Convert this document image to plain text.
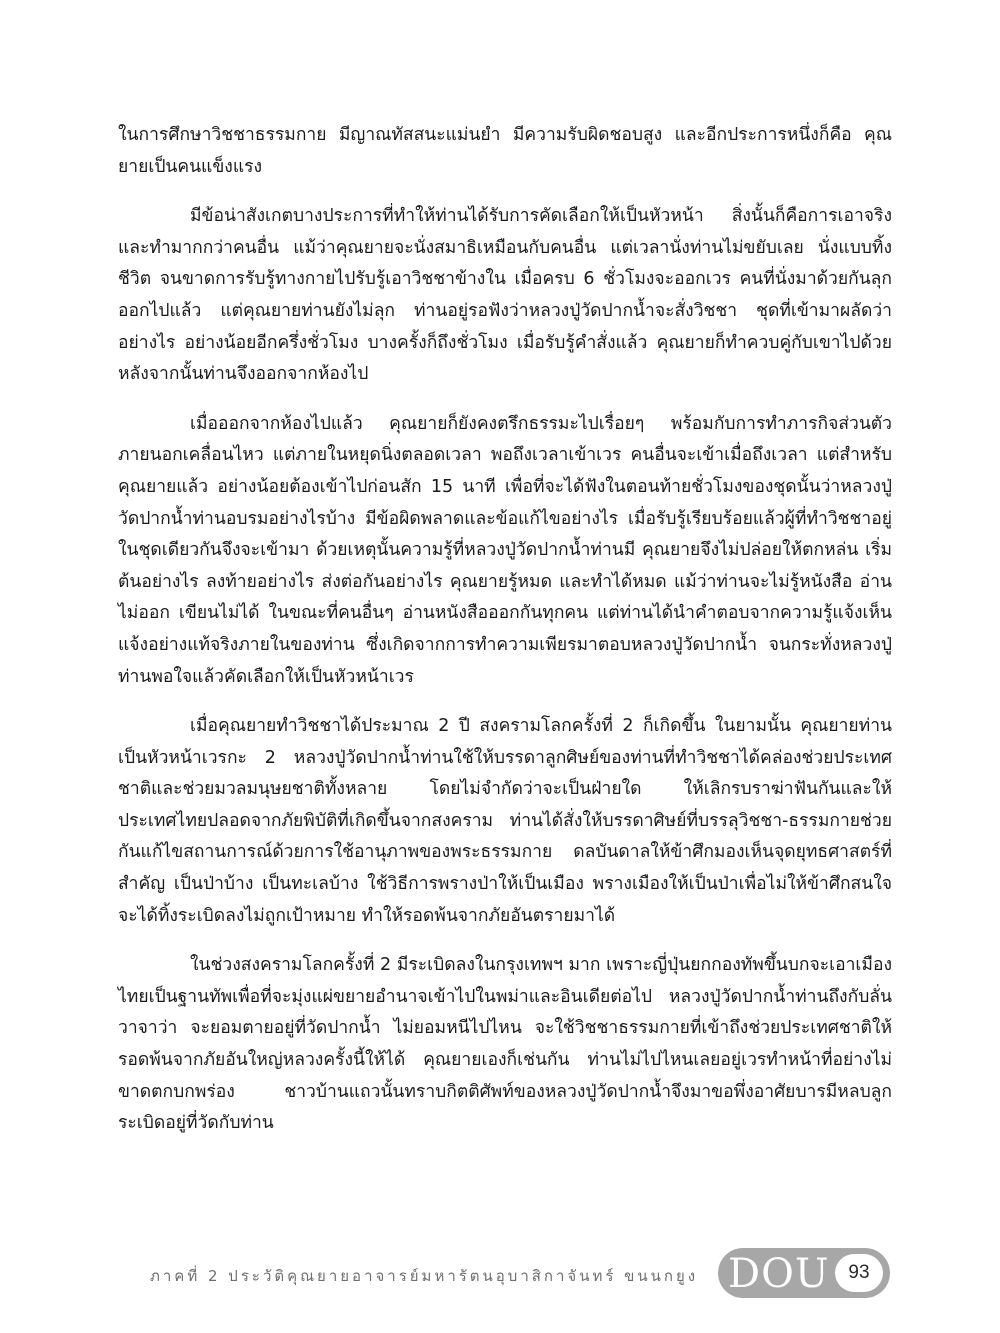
ในการศึกษาวิชชาธรรมกาย มีญาณทัสสนะแม่นยำ มีความรับผิดชอบสูง และอีกประการหนึ่งก็คือ คุณยายเป็นคนแข็งแรง

มีข้อน่าสังเกตบางประการที่ทำให้ท่านได้รับการคัดเลือกให้เป็นหัวหน้า สิ่งนั้นก็คือการเอาจริงและทำมากกว่าคนอื่น แม้ว่าคุณยายจะนั่งสมาธิเหมือนกับคนอื่น แต่เวลานั่งท่านไม่ขยับเลย นั่งแบบทิ้งชีวิต จนขาดการรับรู้ทางกายไปรับรู้เอาวิชชาข้างใน เมื่อครบ 6 ชั่วโมงจะออกเวร คนที่นั่งมาด้วยกันลุกออกไปแล้ว แต่คุณยายท่านยังไม่ลุก ท่านอยู่รอฟังว่าหลวงปู่วัดปากน้ำจะสั่งวิชชา ชุดที่เข้ามาผลัดว่าอย่างไร อย่างน้อยอีกครึ่งชั่วโมง บางครั้งก็ถึงชั่วโมง เมื่อรับรู้คำสั่งแล้ว คุณยายก็ทำควบคู่กับเขาไปด้วย หลังจากนั้นท่านจึงออกจากห้องไป

เมื่อออกจากห้องไปแล้ว คุณยายก็ยังคงตรึกธรรมะไปเรื่อยๆ พร้อมกับการทำภารกิจส่วนตัวภายนอกเคลื่อนไหว แต่ภายในหยุดนิ่งตลอดเวลา พอถึงเวลาเข้าเวร คนอื่นจะเข้าเมื่อถึงเวลา แต่สำหรับคุณยายแล้ว อย่างน้อยต้องเข้าไปก่อนสัก 15 นาที เพื่อที่จะได้ฟังในตอนท้ายชั่วโมงของชุดนั้นว่าหลวงปู่วัดปากน้ำท่านอบรมอย่างไรบ้าง มีข้อผิดพลาดและข้อแก้ไขอย่างไร เมื่อรับรู้เรียบร้อยแล้วผู้ที่ทำวิชชาอยู่ในชุดเดียวกันจึงจะเข้ามา ด้วยเหตุนั้นความรู้ที่หลวงปู่วัดปากน้ำท่านมี คุณยายจึงไม่ปล่อยให้ตกหล่น เริ่มต้นอย่างไร ลงท้ายอย่างไร ส่งต่อกันอย่างไร คุณยายรู้หมด และทำได้หมด แม้ว่าท่านจะไม่รู้หนังสือ อ่านไม่ออก เขียนไม่ได้ ในขณะที่คนอื่นๆ อ่านหนังสือออกกันทุกคน แต่ท่านได้นำคำตอบจากความรู้แจ้งเห็นแจ้งอย่างแท้จริงภายในของท่าน ซึ่งเกิดจากการทำความเพียรมาตอบหลวงปู่วัดปากน้ำ จนกระทั่งหลวงปู่ท่านพอใจแล้วคัดเลือกให้เป็นหัวหน้าเวร

เมื่อคุณยายทำวิชชาได้ประมาณ 2 ปี สงครามโลกครั้งที่ 2 ก็เกิดขึ้น ในยามนั้น คุณยายท่านเป็นหัวหน้าเวรกะ 2 หลวงปู่วัดปากน้ำท่านใช้ให้บรรดาลูกศิษย์ของท่านที่ทำวิชชาได้คล่องช่วยประเทศชาติและช่วยมวลมนุษยชาติทั้งหลาย โดยไม่จำกัดว่าจะเป็นฝ่ายใด ให้เลิกรบราฆ่าฟันกันและให้ประเทศไทยปลอดจากภัยพิบัติที่เกิดขึ้นจากสงคราม ท่านได้สั่งให้บรรดาศิษย์ที่บรรลุวิชชา-ธรรมกายช่วยกันแก้ไขสถานการณ์ด้วยการใช้อานุภาพของพระธรรมกาย ดลบันดาลให้ข้าศึกมองเห็นจุดยุทธศาสตร์ที่สำคัญ เป็นป่าบ้าง เป็นทะเลบ้าง ใช้วิธีการพรางป่าให้เป็นเมือง พรางเมืองให้เป็นป่าเพื่อไม่ให้ข้าศึกสนใจ จะได้ทิ้งระเบิดลงไม่ถูกเป้าหมาย ทำให้รอดพ้นจากภัยอันตรายมาได้

ในช่วงสงครามโลกครั้งที่ 2 มีระเบิดลงในกรุงเทพฯ มาก เพราะญี่ปุ่นยกกองทัพขึ้นบกจะเอาเมืองไทยเป็นฐานทัพเพื่อที่จะมุ่งแผ่ขยายอำนาจเข้าไปในพม่าและอินเดียต่อไป หลวงปู่วัดปากน้ำท่านถึงกับลั่นวาจาว่า จะยอมตายอยู่ที่วัดปากน้ำ ไม่ยอมหนีไปไหน จะใช้วิชชาธรรมกายที่เข้าถึงช่วยประเทศชาติให้รอดพ้นจากภัยอันใหญ่หลวงครั้งนี้ให้ได้ คุณยายเองก็เช่นกัน ท่านไม่ไปไหนเลยอยู่เวรทำหน้าที่อย่างไม่ขาดตกบกพร่อง ชาวบ้านแถวนั้นทราบกิตติศัพท์ของหลวงปู่วัดปากน้ำจึงมาขอพึ่งอาศัยบารมีหลบลูกระเบิดอยู่ที่วัดกับท่าน

ภาคที่ 2 ประวัติคุณยายอาจารย์มหารัตนอุบาสิกาจันทร์ ขนนกยูง DOU 93
